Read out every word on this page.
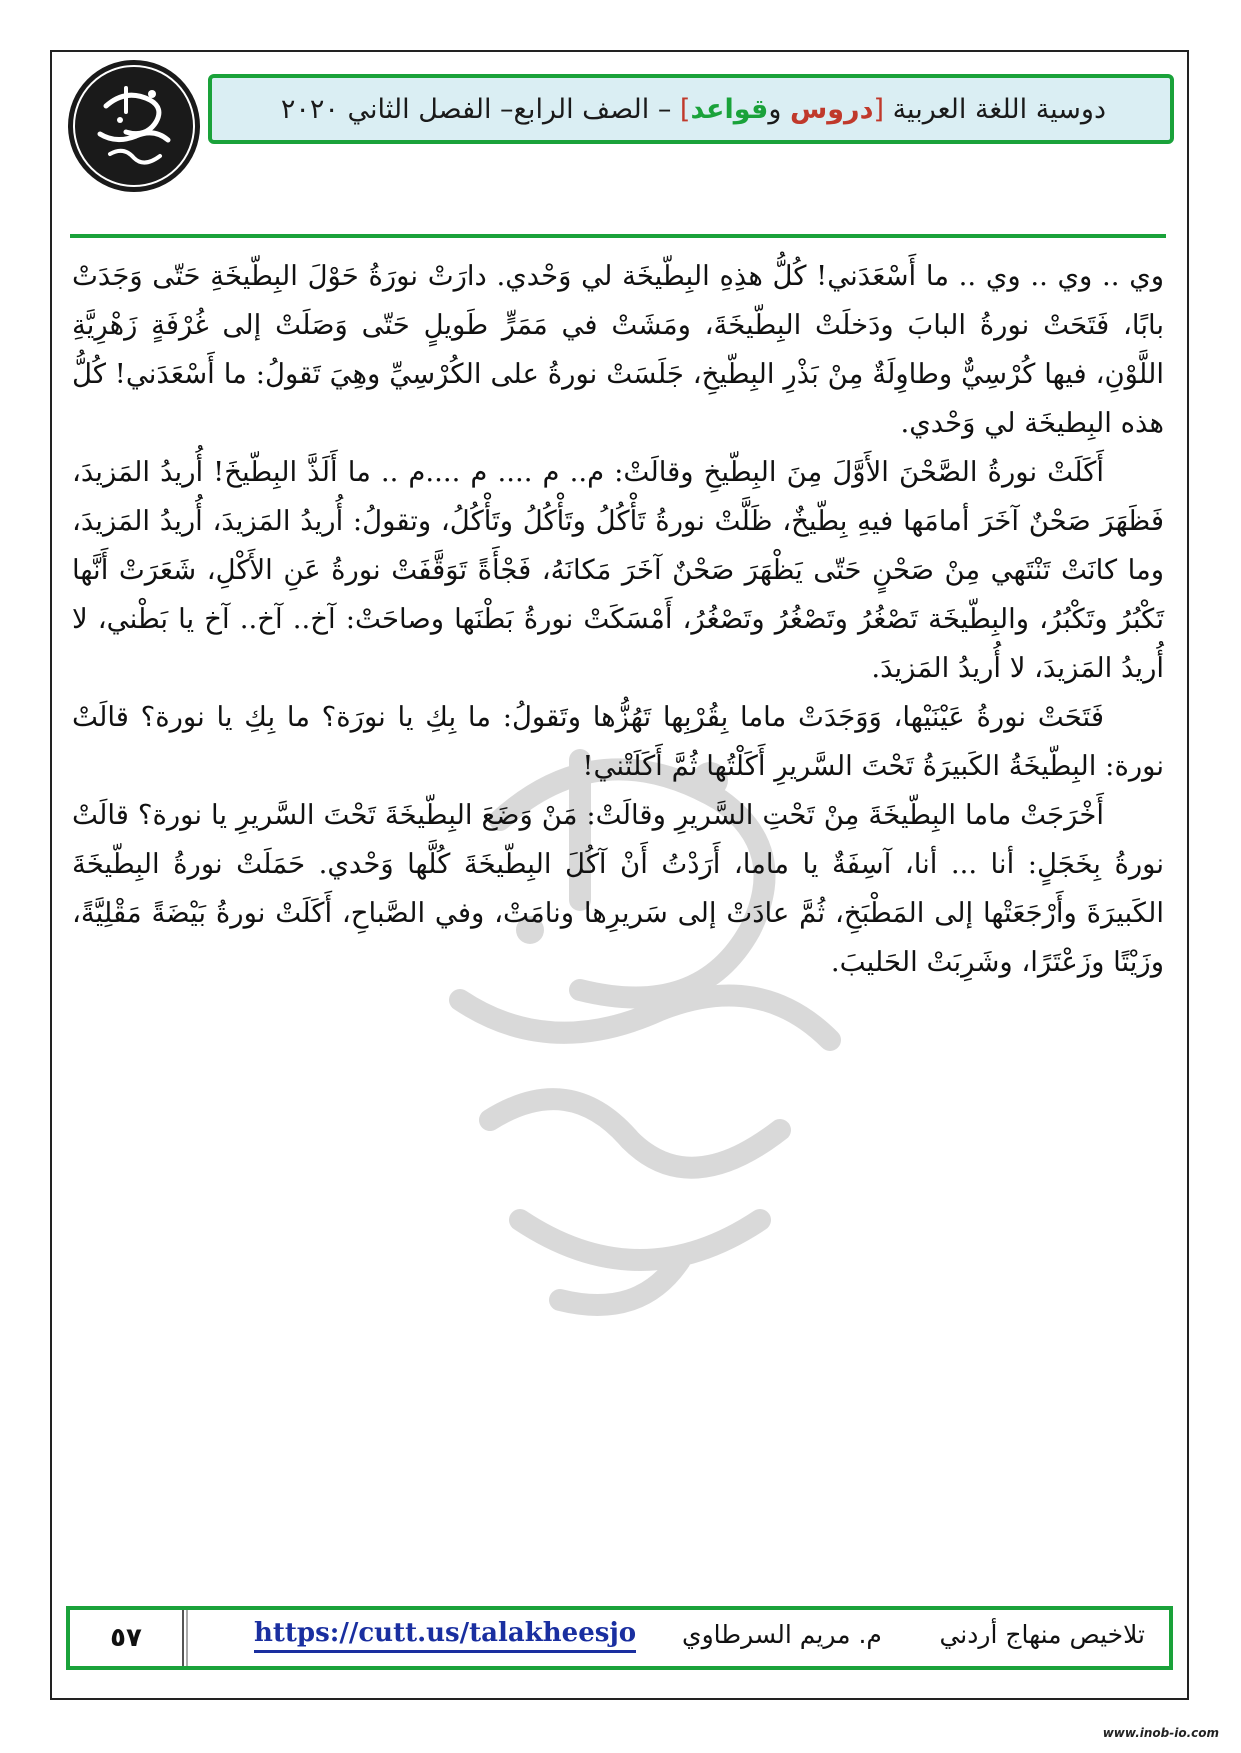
دوسية اللغة العربية [دروس وقواعد] – الصف الرابع– الفصل الثاني ٢٠٢٠

وي .. وي .. وي .. ما أَسْعَدَني! كُلُّ هذِهِ البِطّيخَة لي وَحْدي. دارَتْ نورَةُ حَوْلَ البِطّيخَةِ حَتّى وَجَدَتْ بابًا، فَتَحَتْ نورةُ البابَ ودَخلَتْ البِطّيخَةَ، ومَشَتْ في مَمَرٍّ طَويلٍ حَتّى وَصَلَتْ إلى غُرْفَةٍ زَهْرِيَّةِ اللَّوْنِ، فيها كُرْسِيٌّ وطاوِلَةٌ مِنْ بَذْرِ البِطّيخِ، جَلَسَتْ نورةُ على الكُرْسِيِّ وهِيَ تَقولُ: ما أَسْعَدَني! كُلُّ هذه البِطيخَة لي وَحْدي.

أَكَلَتْ نورةُ الصَّحْنَ الأَوَّلَ مِنَ البِطّيخِ وقالَتْ: م.. م .... م ....م .. ما أَلَذَّ البِطّيخَ! أُريدُ المَزيدَ، فَظَهَرَ صَحْنٌ آخَرَ أمامَها فيهِ بِطّيخٌ، ظَلَّتْ نورةُ تَأْكُلُ وتَأْكُلُ وتَأْكُلُ، وتقولُ: أُريدُ المَزيدَ، أُريدُ المَزيدَ، وما كانَتْ تَنْتَهي مِنْ صَحْنٍ حَتّى يَظْهَرَ صَحْنٌ آخَرَ مَكانَهُ، فَجْأَةً تَوَقَّفَتْ نورةُ عَنِ الأَكْلِ، شَعَرَتْ أَنَّها تَكْبُرُ وتَكْبُرُ، والبِطّيخَة تَصْغُرُ وتَصْغُرُ وتَصْغُرُ، أَمْسَكَتْ نورةُ بَطْنَها وصاحَتْ: آخ.. آخ.. آخ يا بَطْني، لا أُريدُ المَزيدَ، لا أُريدُ المَزيدَ.

فَتَحَتْ نورةُ عَيْنَيْها، وَوَجَدَتْ ماما بِقُرْبِها تَهُزُّها وتَقولُ: ما بِكِ يا نورَة؟ ما بِكِ يا نورة؟ قالَتْ نورة: البِطّيخَةُ الكَبيرَةُ تَحْتَ السَّريرِ أَكَلْتُها ثُمَّ أَكَلَتْني!

أَخْرَجَتْ ماما البِطّيخَةَ مِنْ تَحْتِ السَّريرِ وقالَتْ: مَنْ وَضَعَ البِطّيخَةَ تَحْتَ السَّريرِ يا نورة؟ قالَتْ نورةُ بِخَجَلٍ: أنا ... أنا، آسِفَةٌ يا ماما، أَرَدْتُ أَنْ آكُلَ البِطّيخَةَ كُلَّها وَحْدي. حَمَلَتْ نورةُ البِطّيخَةَ الكَبيرَةَ وأَرْجَعَتْها إلى المَطْبَخِ، ثُمَّ عادَتْ إلى سَريرِها ونامَتْ، وفي الصَّباحِ، أَكَلَتْ نورةُ بَيْضَةً مَقْلِيَّةً، وزَيْتًا وزَعْتَرًا، وشَرِبَتْ الحَليبَ.

٥٧	https://cutt.us/talakheesjo م. مريم السرطاوي تلاخيص منهاج أردني
www.inob-io.com
